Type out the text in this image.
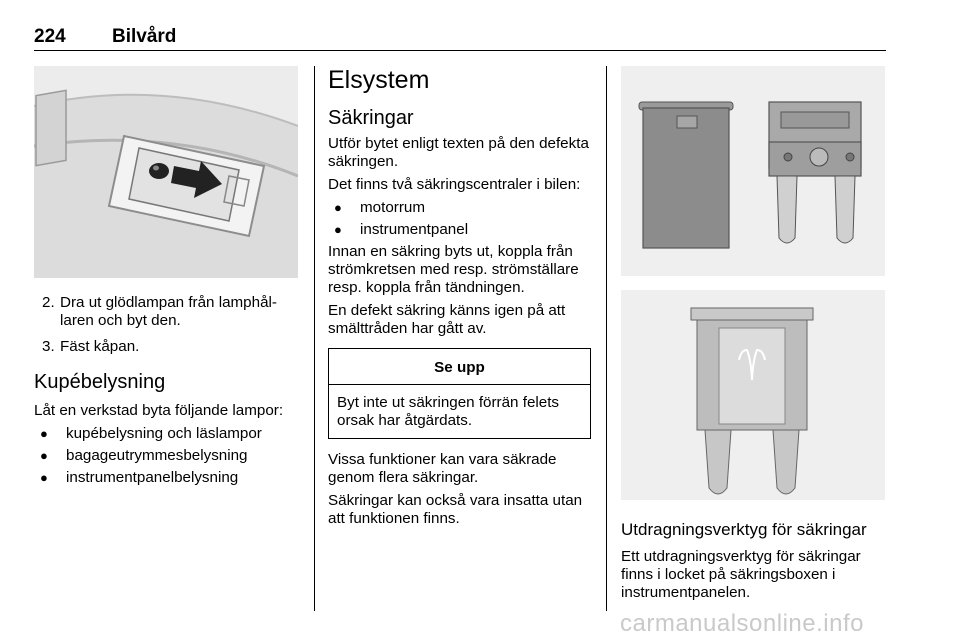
224 Bilvård
2. Dra ut glödlampan från lamphållaren och byt den.
3. Fäst kåpan.
Kupébelysning

Låt en verkstad byta följande lampor:

● kupébelysning och läslampor
● bagageutrymmesbelysning
● instrumentpanelbelysning
Elsystem
Säkringar

Utför bytet enligt texten på den defekta säkringen.

Det finns två säkringscentraler i bilen:

● motorrum
● instrumentpanel

Innan en säkring byts ut, koppla från strömkretsen med resp. strömställare resp. koppla från tändningen.

En defekt säkring känns igen på att smälttråden har gått av.

Se upp
Byt inte ut säkringen förrän felets orsak har åtgärdats.

Vissa funktioner kan vara säkrade genom flera säkringar.

Säkringar kan också vara insatta utan att funktionen finns.

Utdragningsverktyg för säkringar
Ett utdragningsverktyg för säkringar finns i locket på säkringsboxen i instrumentpanelen.
carmanualsonline.info
